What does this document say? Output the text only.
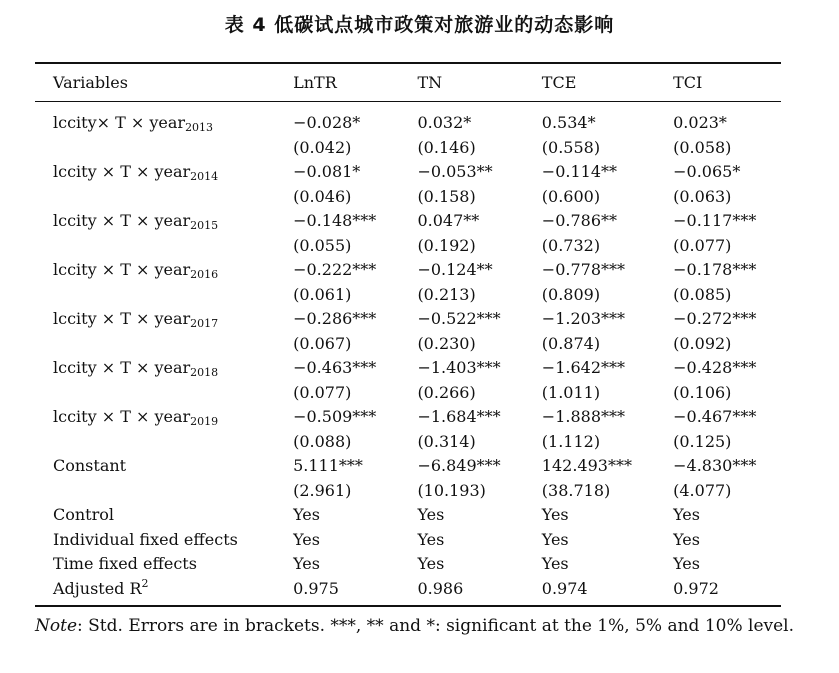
表 4 低碳试点城市政策对旅游业的动态影响
Variables	LnTR	TN	TCE	TCI
lccity× T × year$_{2013}$	−0.028*	0.032*	0.534*	0.023*
	(0.042)	(0.146)	(0.558)	(0.058)
lccity × T × year$_{2014}$	−0.081*	−0.053**	−0.114**	−0.065*
	(0.046)	(0.158)	(0.600)	(0.063)
lccity × T × year$_{2015}$	−0.148***	0.047**	−0.786**	−0.117***
	(0.055)	(0.192)	(0.732)	(0.077)
lccity × T × year$_{2016}$	−0.222***	−0.124**	−0.778***	−0.178***
	(0.061)	(0.213)	(0.809)	(0.085)
lccity × T × year$_{2017}$	−0.286***	−0.522***	−1.203***	−0.272***
	(0.067)	(0.230)	(0.874)	(0.092)
lccity × T × year$_{2018}$	−0.463***	−1.403***	−1.642***	−0.428***
	(0.077)	(0.266)	(1.011)	(0.106)
lccity × T × year$_{2019}$	−0.509***	−1.684***	−1.888***	−0.467***
	(0.088)	(0.314)	(1.112)	(0.125)
Constant	5.111***	−6.849***	142.493***	−4.830***
	(2.961)	(10.193)	(38.718)	(4.077)
Control	Yes	Yes	Yes	Yes
Individual fixed effects	Yes	Yes	Yes	Yes
Time fixed effects	Yes	Yes	Yes	Yes
Adjusted $R^2$	0.975	0.986	0.974	0.972
Note: Std. Errors are in brackets. ***, ** and *: significant at the 1%, 5% and 10% level.
